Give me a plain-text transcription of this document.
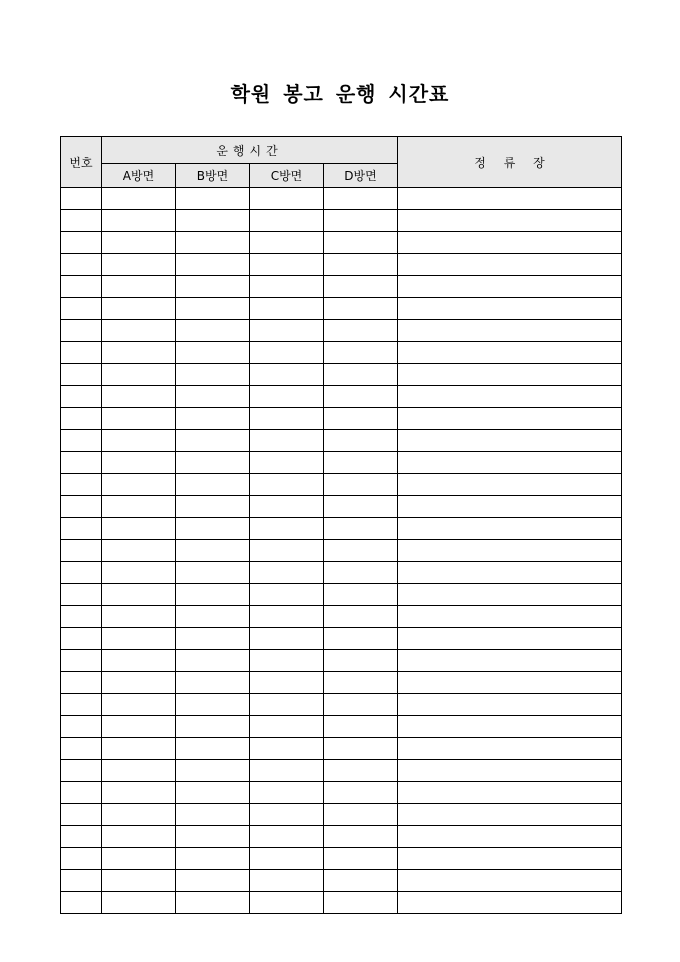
학원 봉고 운행 시간표
번호	운행시간				정 류 장
	A방면	B방면	C방면	D방면	
